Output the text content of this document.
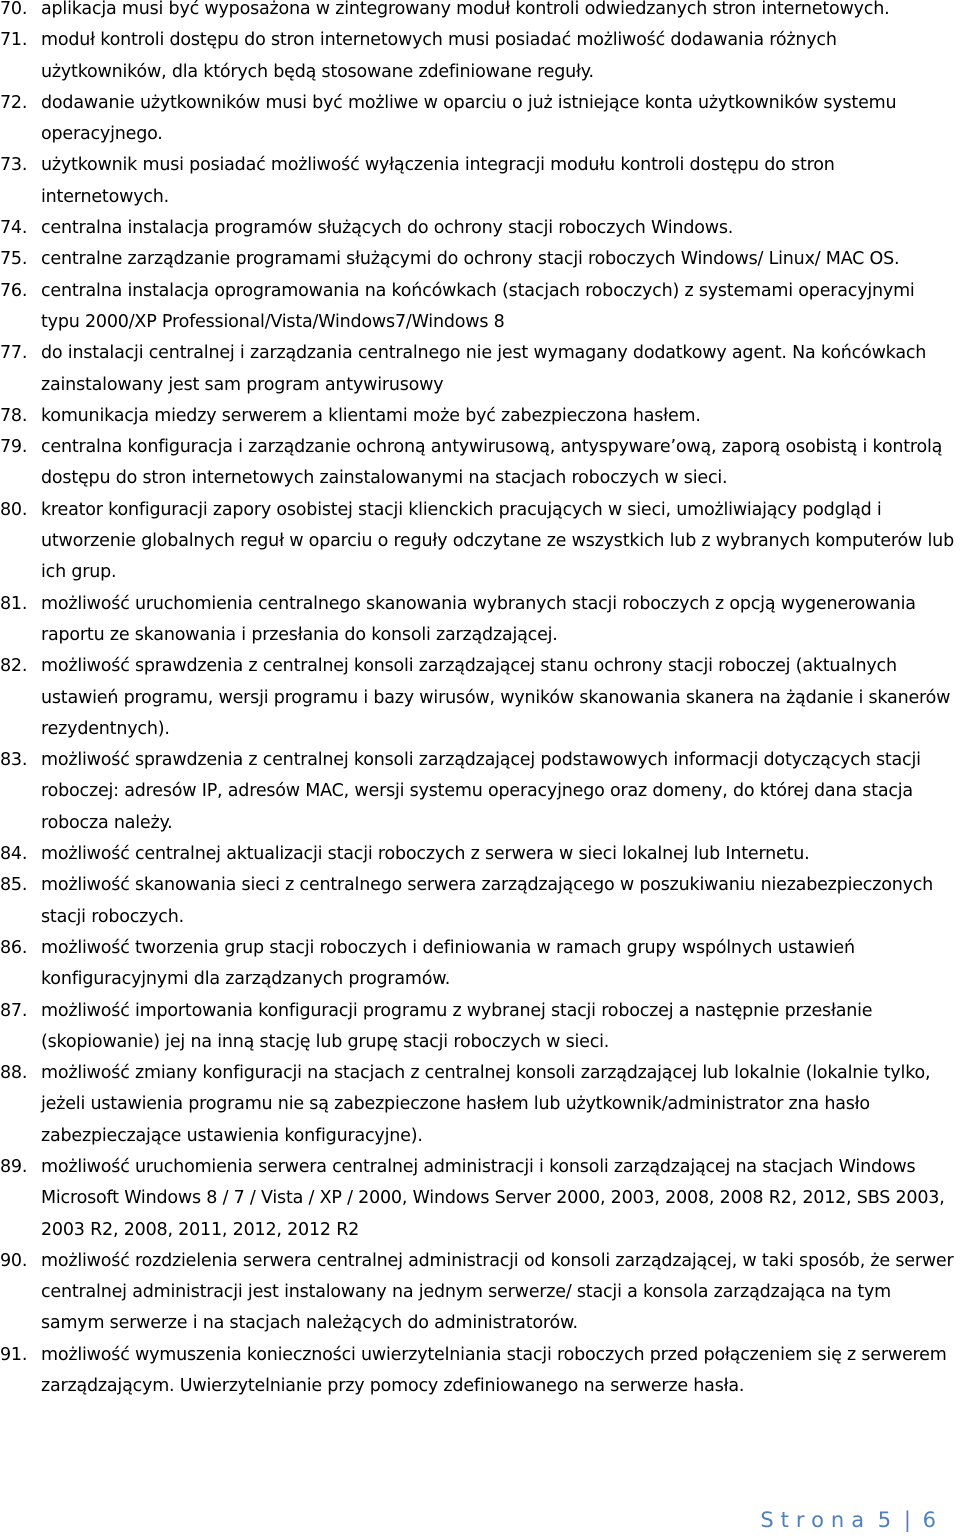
70. aplikacja musi być wyposażona w zintegrowany moduł kontroli odwiedzanych stron internetowych.
71. moduł kontroli dostępu do stron internetowych musi posiadać możliwość dodawania różnych użytkowników, dla których będą stosowane zdefiniowane reguły.
72. dodawanie użytkowników musi być możliwe w oparciu o już istniejące konta użytkowników systemu operacyjnego.
73. użytkownik musi posiadać możliwość wyłączenia integracji modułu kontroli dostępu do stron internetowych.
74. centralna instalacja programów służących do ochrony stacji roboczych Windows.
75. centralne zarządzanie programami służącymi do ochrony stacji roboczych Windows/ Linux/ MAC OS.
76. centralna instalacja oprogramowania na końcówkach (stacjach roboczych) z systemami operacyjnymi typu 2000/XP Professional/Vista/Windows7/Windows 8
77. do instalacji centralnej i zarządzania centralnego nie jest wymagany dodatkowy agent. Na końcówkach zainstalowany jest sam program antywirusowy
78. komunikacja miedzy serwerem a klientami może być zabezpieczona hasłem.
79. centralna konfiguracja i zarządzanie ochroną antywirusową, antyspyware’ową, zaporą osobistą i kontrolą dostępu do stron internetowych zainstalowanymi na stacjach roboczych w sieci.
80. kreator konfiguracji zapory osobistej stacji klienckich pracujących w sieci, umożliwiający podgląd i utworzenie globalnych reguł w oparciu o reguły odczytane ze wszystkich lub z wybranych komputerów lub ich grup.
81. możliwość uruchomienia centralnego skanowania wybranych stacji roboczych z opcją wygenerowania raportu ze skanowania i przesłania do konsoli zarządzającej.
82. możliwość sprawdzenia z centralnej konsoli zarządzającej stanu ochrony stacji roboczej (aktualnych ustawień programu, wersji programu i bazy wirusów, wyników skanowania skanera na żądanie i skanerów rezydentnych).
83. możliwość sprawdzenia z centralnej konsoli zarządzającej podstawowych informacji dotyczących stacji roboczej: adresów IP, adresów MAC, wersji systemu operacyjnego oraz domeny, do której dana stacja robocza należy.
84. możliwość centralnej aktualizacji stacji roboczych z serwera w sieci lokalnej lub Internetu.
85. możliwość skanowania sieci z centralnego serwera zarządzającego w poszukiwaniu niezabezpieczonych stacji roboczych.
86. możliwość tworzenia grup stacji roboczych i definiowania w ramach grupy wspólnych ustawień konfiguracyjnymi dla zarządzanych programów.
87. możliwość importowania konfiguracji programu z wybranej stacji roboczej a następnie przesłanie (skopiowanie) jej na inną stację lub grupę stacji roboczych w sieci.
88. możliwość zmiany konfiguracji na stacjach z centralnej konsoli zarządzającej lub lokalnie (lokalnie tylko, jeżeli ustawienia programu nie są zabezpieczone hasłem lub użytkownik/administrator zna hasło zabezpieczające ustawienia konfiguracyjne).
89. możliwość uruchomienia serwera centralnej administracji i konsoli zarządzającej na stacjach Windows Microsoft Windows 8 / 7 / Vista / XP / 2000, Windows Server 2000, 2003, 2008, 2008 R2, 2012, SBS 2003, 2003 R2, 2008, 2011, 2012, 2012 R2
90. możliwość rozdzielenia serwera centralnej administracji od konsoli zarządzającej, w taki sposób, że serwer centralnej administracji jest instalowany na jednym serwerze/ stacji a konsola zarządzająca na tym samym serwerze i na stacjach należących do administratorów.
91. możliwość wymuszenia konieczności uwierzytelniania stacji roboczych przed połączeniem się z serwerem zarządzającym. Uwierzytelnianie przy pomocy zdefiniowanego na serwerze hasła.
Strona 5 | 6
